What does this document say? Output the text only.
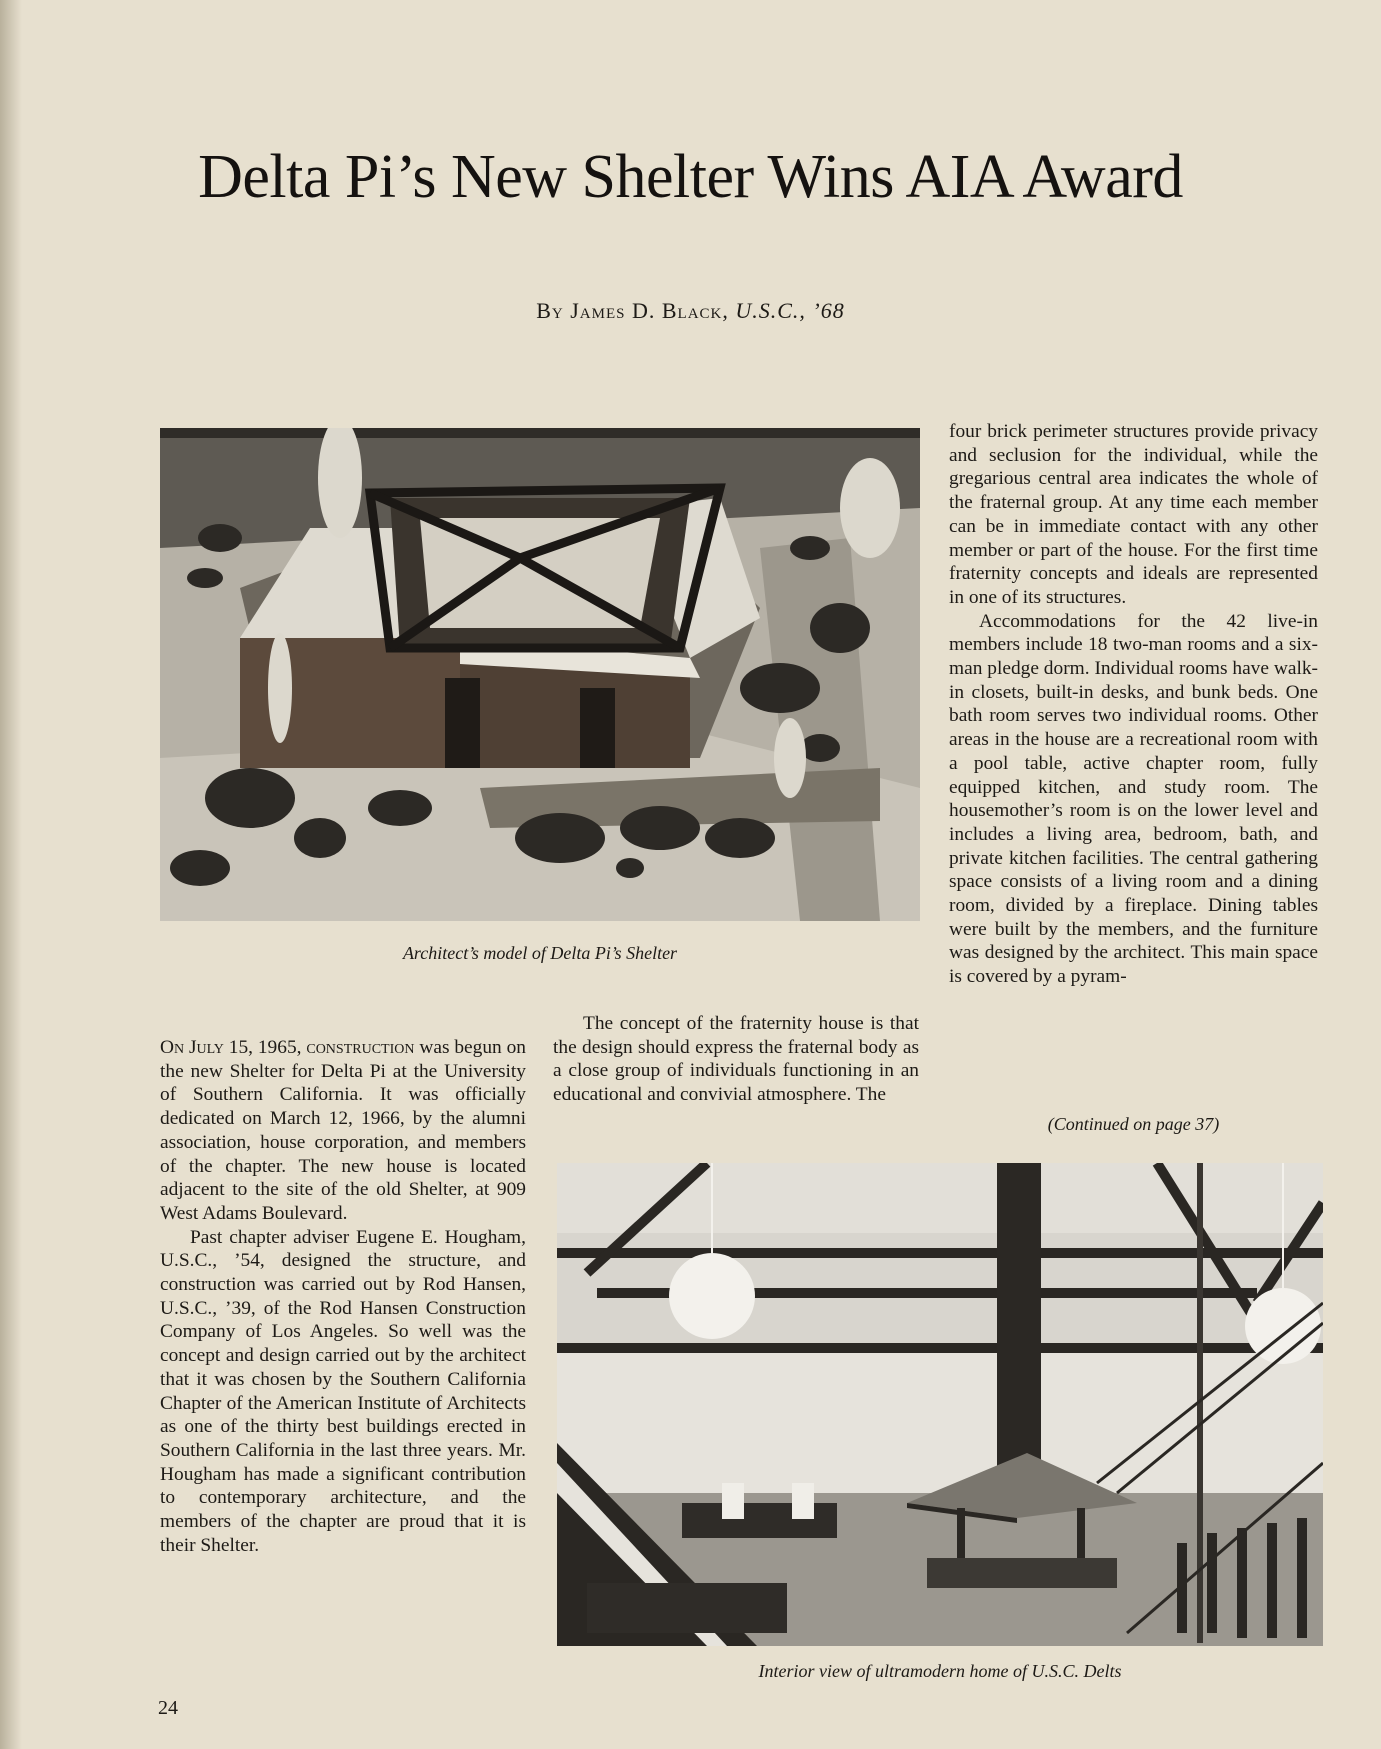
Delta Pi’s New Shelter Wins AIA Award
By James D. Black, U.S.C., ’68
Architect’s model of Delta Pi’s Shelter

On July 15, 1965, construction was begun on the new Shelter for Delta Pi at the University of Southern California. It was officially dedicated on March 12, 1966, by the alumni association, house corporation, and members of the chapter. The new house is located adjacent to the site of the old Shelter, at 909 West Adams Boulevard.

Past chapter adviser Eugene E. Hougham, U.S.C., ’54, designed the structure, and construction was carried out by Rod Hansen, U.S.C., ’39, of the Rod Hansen Construction Company of Los Angeles. So well was the concept and design carried out by the architect that it was chosen by the Southern California Chapter of the American Institute of Architects as one of the thirty best buildings erected in Southern California in the last three years. Mr. Hougham has made a significant contribution to contemporary architecture, and the members of the chapter are proud that it is their Shelter.

The concept of the fraternity house is that the design should express the fraternal body as a close group of individuals functioning in an educational and convivial atmosphere. The

four brick perimeter structures provide privacy and seclusion for the individual, while the gregarious central area indicates the whole of the fraternal group. At any time each member can be in immediate contact with any other member or part of the house. For the first time fraternity concepts and ideals are represented in one of its structures.

Accommodations for the 42 live-in members include 18 two-man rooms and a six-man pledge dorm. Individual rooms have walk-in closets, built-in desks, and bunk beds. One bath room serves two individual rooms. Other areas in the house are a recreational room with a pool table, active chapter room, fully equipped kitchen, and study room. The housemother’s room is on the lower level and includes a living area, bedroom, bath, and private kitchen facilities. The central gathering space consists of a living room and a dining room, divided by a fireplace. Dining tables were built by the members, and the furniture was designed by the architect. This main space is covered by a pyram-

(Continued on page 37)
Interior view of ultramodern home of U.S.C. Delts
24
